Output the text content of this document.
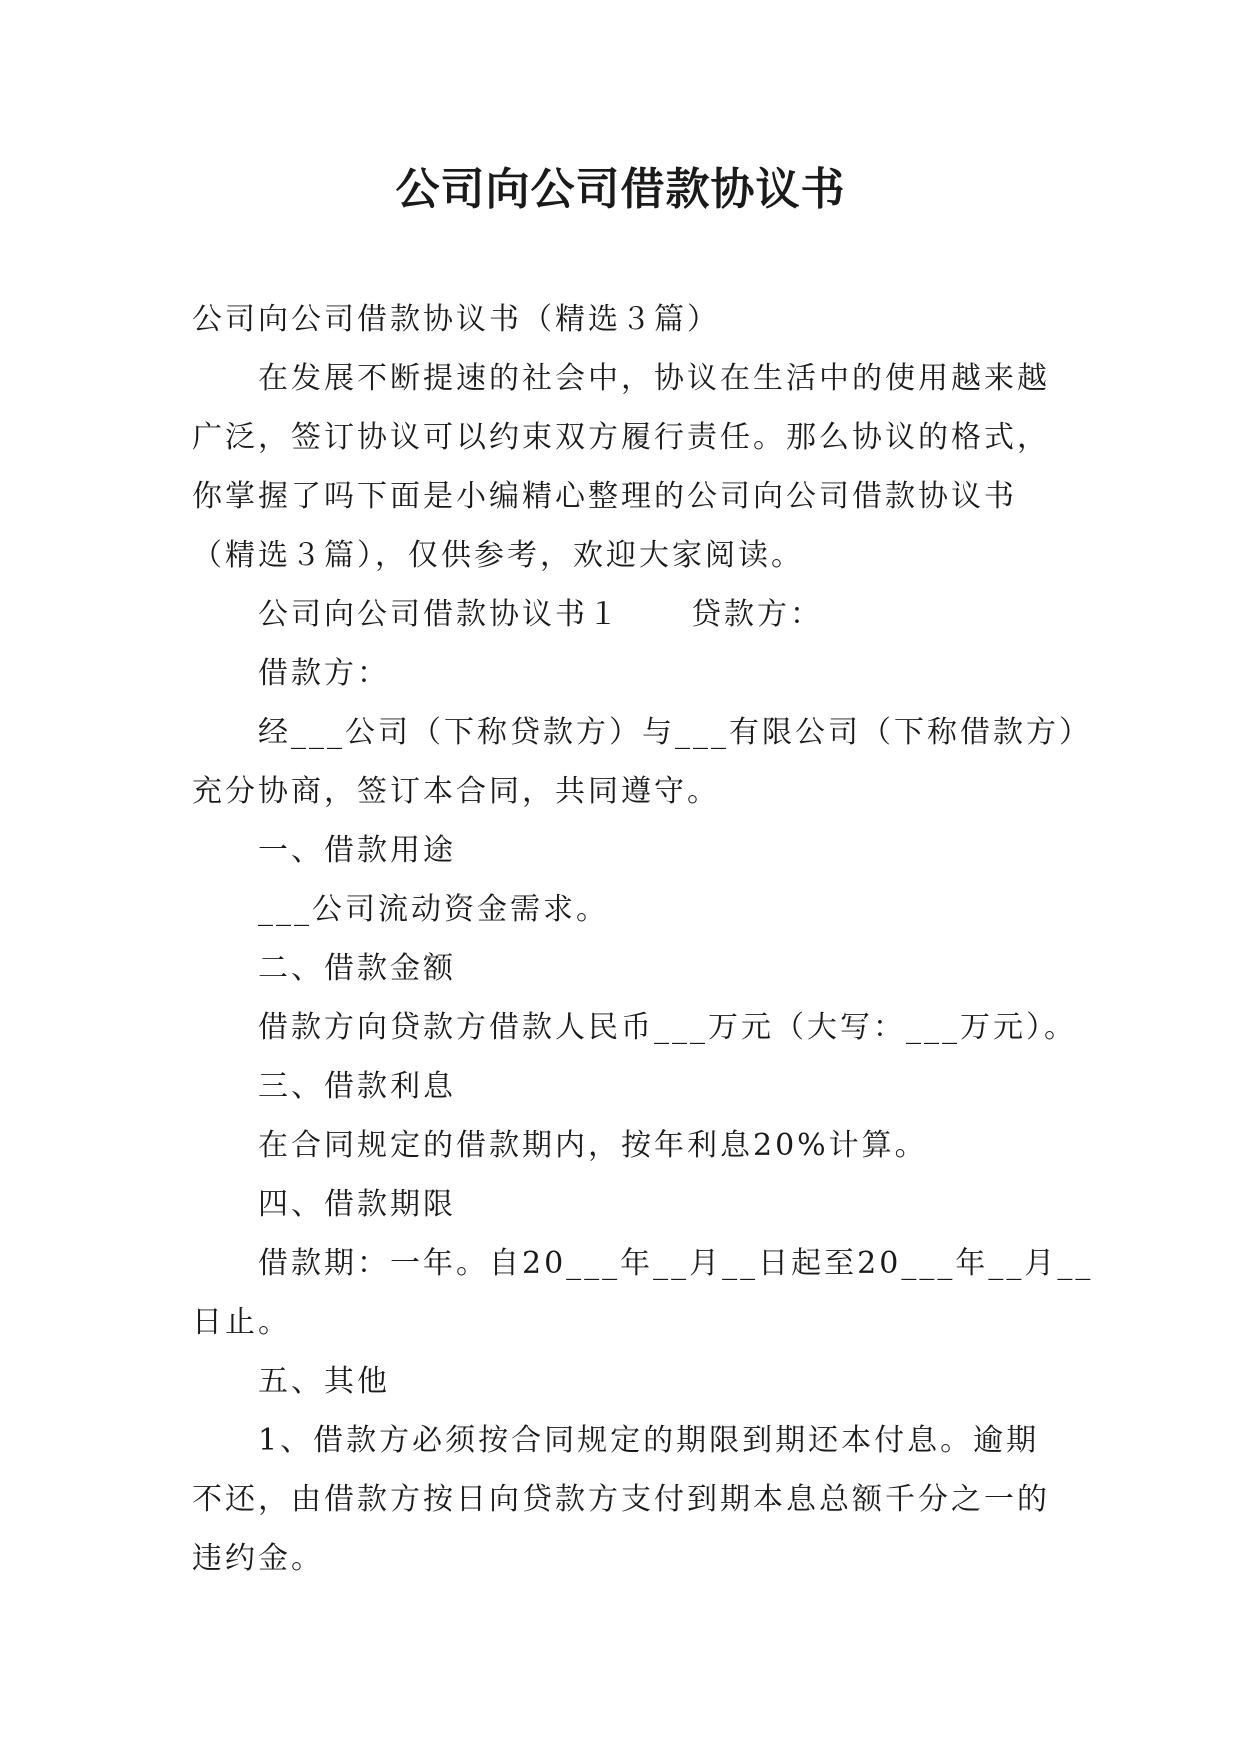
公司向公司借款协议书

公司向公司借款协议书（精选３篇）

在发展不断提速的社会中，协议在生活中的使用越来越

广泛，签订协议可以约束双方履行责任。那么协议的格式，

你掌握了吗下面是小编精心整理的公司向公司借款协议书

（精选３篇），仅供参考，欢迎大家阅读。

公司向公司借款协议书１ 贷款方：

借款方：

经___公司（下称贷款方）与___有限公司（下称借款方）

充分协商，签订本合同，共同遵守。

一、借款用途

___公司流动资金需求。

二、借款金额

借款方向贷款方借款人民币___万元（大写：___万元）。

三、借款利息

在合同规定的借款期内，按年利息20%计算。

四、借款期限

借款期：一年。自20___年__月__日起至20___年__月__

日止。

五、其他

1、借款方必须按合同规定的期限到期还本付息。逾期

不还，由借款方按日向贷款方支付到期本息总额千分之一的

违约金。
